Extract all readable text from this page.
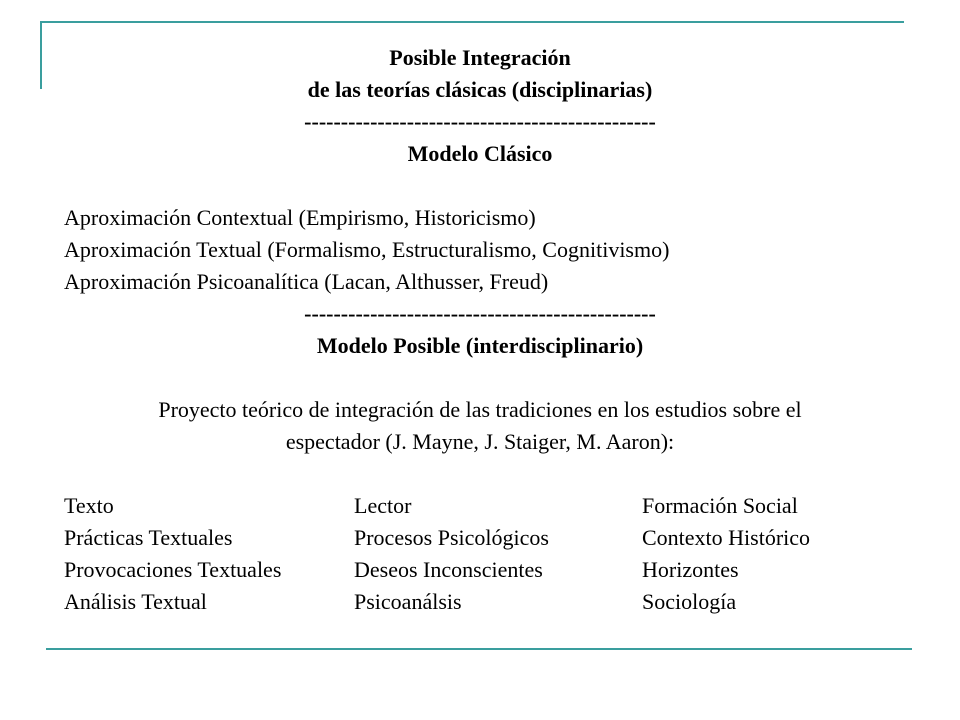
Posible Integración
de las teorías clásicas (disciplinarias)
------------------------------------------------
Modelo Clásico
Aproximación Contextual (Empirismo, Historicismo)
Aproximación Textual (Formalismo, Estructuralismo, Cognitivismo)
Aproximación Psicoanalítica (Lacan, Althusser, Freud)
------------------------------------------------
Modelo Posible (interdisciplinario)
Proyecto teórico de integración de las tradiciones en los estudios sobre el
espectador (J. Mayne, J. Staiger, M. Aaron):
Texto
Prácticas Textuales
Provocaciones Textuales
Análisis Textual
Lector
Procesos Psicológicos
Deseos Inconscientes
Psicoanálsis
Formación Social
Contexto Histórico
Horizontes
Sociología
